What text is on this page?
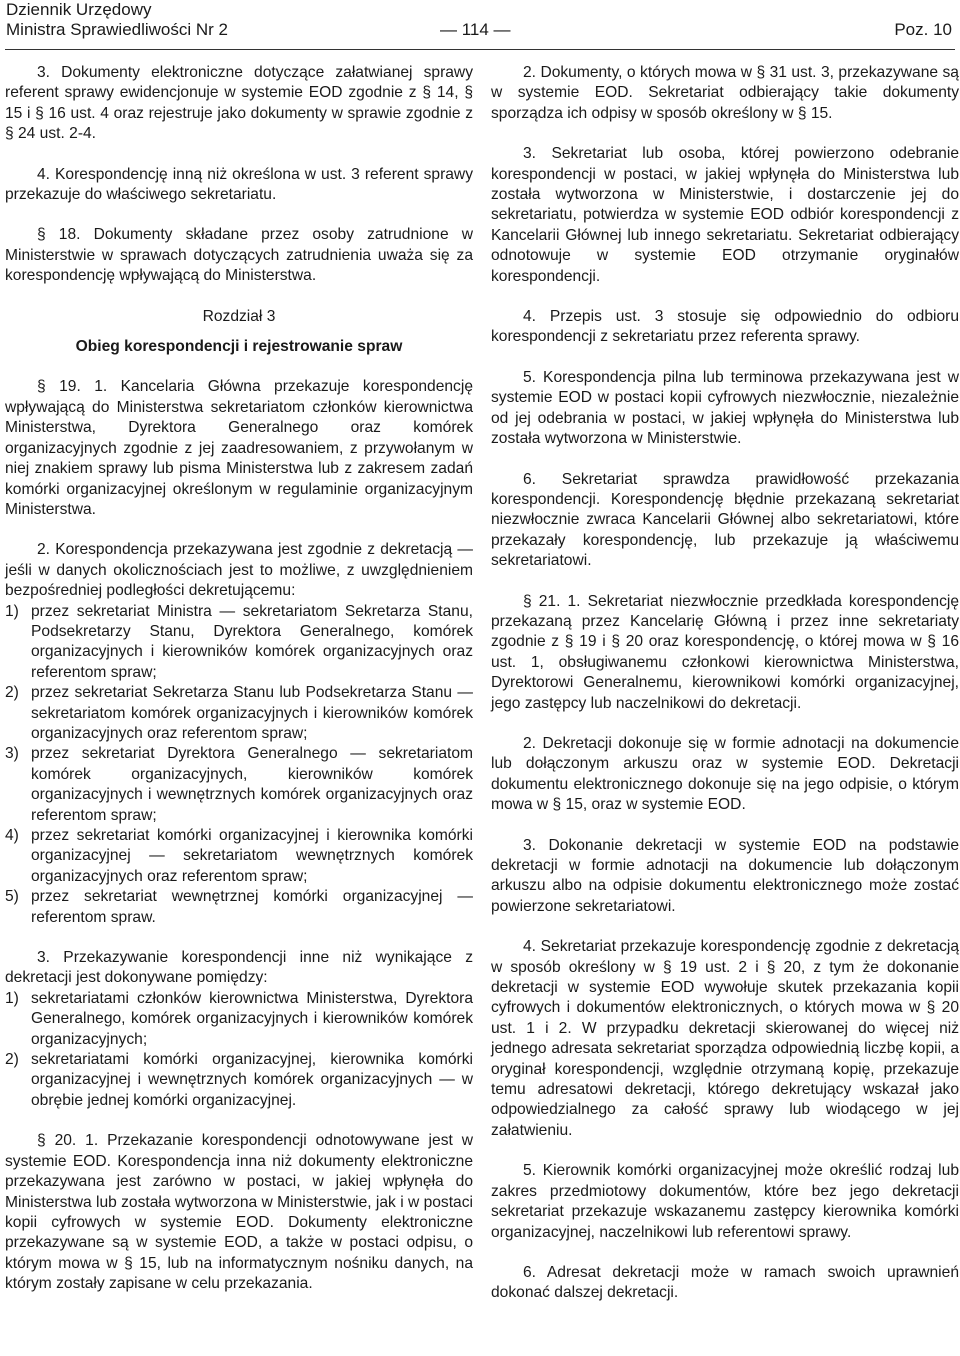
Dziennik Urzędowy
Ministra Sprawiedliwości Nr 2	— 114 —	Poz. 10

3. Dokumenty elektroniczne dotyczące załatwianej sprawy referent sprawy ewidencjonuje w systemie EOD zgodnie z § 14, § 15 i § 16 ust. 4 oraz rejestruje jako dokumenty w sprawie zgodnie z § 24 ust. 2-4.

4. Korespondencję inną niż określona w ust. 3 referent sprawy przekazuje do właściwego sekretariatu.

§ 18. Dokumenty składane przez osoby zatrudnione w Ministerstwie w sprawach dotyczących zatrudnienia uważa się za korespondencję wpływającą do Ministerstwa.

Rozdział 3
Obieg korespondencji i rejestrowanie spraw

§ 19. 1. Kancelaria Główna przekazuje korespondencję wpływającą do Ministerstwa sekretariatom członków kierownictwa Ministerstwa, Dyrektora Generalnego oraz komórek organizacyjnych zgodnie z jej zaadresowaniem, z przywołanym w niej znakiem sprawy lub pisma Ministerstwa lub z zakresem zadań komórki organizacyjnej określonym w regulaminie organizacyjnym Ministerstwa.

2. Korespondencja przekazywana jest zgodnie z dekretacją — jeśli w danych okolicznościach jest to możliwe, z uwzględnieniem bezpośredniej podległości dekretującemu:

1) przez sekretariat Ministra — sekretariatom Sekretarza Stanu, Podsekretarzy Stanu, Dyrektora Generalnego, komórek organizacyjnych i kierowników komórek organizacyjnych oraz referentom spraw;
2) przez sekretariat Sekretarza Stanu lub Podsekretarza Stanu — sekretariatom komórek organizacyjnych i kierowników komórek organizacyjnych oraz referentom spraw;
3) przez sekretariat Dyrektora Generalnego — sekretariatom komórek organizacyjnych, kierowników komórek organizacyjnych i wewnętrznych komórek organizacyjnych oraz referentom spraw;
4) przez sekretariat komórki organizacyjnej i kierownika komórki organizacyjnej — sekretariatom wewnętrznych komórek organizacyjnych oraz referentom spraw;
5) przez sekretariat wewnętrznej komórki organizacyjnej — referentom spraw.

3. Przekazywanie korespondencji inne niż wynikające z dekretacji jest dokonywane pomiędzy:

1) sekretariatami członków kierownictwa Ministerstwa, Dyrektora Generalnego, komórek organizacyjnych i kierowników komórek organizacyjnych;
2) sekretariatami komórki organizacyjnej, kierownika komórki organizacyjnej i wewnętrznych komórek organizacyjnych — w obrębie jednej komórki organizacyjnej.

§ 20. 1. Przekazanie korespondencji odnotowywane jest w systemie EOD. Korespondencja inna niż dokumenty elektroniczne przekazywana jest zarówno w postaci, w jakiej wpłynęła do Ministerstwa lub została wytworzona w Ministerstwie, jak i w postaci kopii cyfrowych w systemie EOD. Dokumenty elektroniczne przekazywane są w systemie EOD, a także w postaci odpisu, o którym mowa w § 15, lub na informatycznym nośniku danych, na którym zostały zapisane w celu przekazania.

2. Dokumenty, o których mowa w § 31 ust. 3, przekazywane są w systemie EOD. Sekretariat odbierający takie dokumenty sporządza ich odpisy w sposób określony w § 15.

3. Sekretariat lub osoba, której powierzono odebranie korespondencji w postaci, w jakiej wpłynęła do Ministerstwa lub została wytworzona w Ministerstwie, i dostarczenie jej do sekretariatu, potwierdza w systemie EOD odbiór korespondencji z Kancelarii Głównej lub innego sekretariatu. Sekretariat odbierający odnotowuje w systemie EOD otrzymanie oryginałów korespondencji.

4. Przepis ust. 3 stosuje się odpowiednio do odbioru korespondencji z sekretariatu przez referenta sprawy.

5. Korespondencja pilna lub terminowa przekazywana jest w systemie EOD w postaci kopii cyfrowych niezwłocznie, niezależnie od jej odebrania w postaci, w jakiej wpłynęła do Ministerstwa lub została wytworzona w Ministerstwie.

6. Sekretariat sprawdza prawidłowość przekazania korespondencji. Korespondencję błędnie przekazaną sekretariat niezwłocznie zwraca Kancelarii Głównej albo sekretariatowi, które przekazały korespondencję, lub przekazuje ją właściwemu sekretariatowi.

§ 21. 1. Sekretariat niezwłocznie przedkłada korespondencję przekazaną przez Kancelarię Główną i przez inne sekretariaty zgodnie z § 19 i § 20 oraz korespondencję, o której mowa w § 16 ust. 1, obsługiwanemu członkowi kierownictwa Ministerstwa, Dyrektorowi Generalnemu, kierownikowi komórki organizacyjnej, jego zastępcy lub naczelnikowi do dekretacji.

2. Dekretacji dokonuje się w formie adnotacji na dokumencie lub dołączonym arkuszu oraz w systemie EOD. Dekretacji dokumentu elektronicznego dokonuje się na jego odpisie, o którym mowa w § 15, oraz w systemie EOD.

3. Dokonanie dekretacji w systemie EOD na podstawie dekretacji w formie adnotacji na dokumencie lub dołączonym arkuszu albo na odpisie dokumentu elektronicznego może zostać powierzone sekretariatowi.

4. Sekretariat przekazuje korespondencję zgodnie z dekretacją w sposób określony w § 19 ust. 2 i § 20, z tym że dokonanie dekretacji w systemie EOD wywołuje skutek przekazania kopii cyfrowych i dokumentów elektronicznych, o których mowa w § 20 ust. 1 i 2. W przypadku dekretacji skierowanej do więcej niż jednego adresata sekretariat sporządza odpowiednią liczbę kopii, a oryginał korespondencji, względnie otrzymaną kopię, przekazuje temu adresatowi dekretacji, którego dekretujący wskazał jako odpowiedzialnego za całość sprawy lub wiodącego w jej załatwieniu.

5. Kierownik komórki organizacyjnej może określić rodzaj lub zakres przedmiotowy dokumentów, które bez jego dekretacji sekretariat przekazuje wskazanemu zastępcy kierownika komórki organizacyjnej, naczelnikowi lub referentowi sprawy.

6. Adresat dekretacji może w ramach swoich uprawnień dokonać dalszej dekretacji.
